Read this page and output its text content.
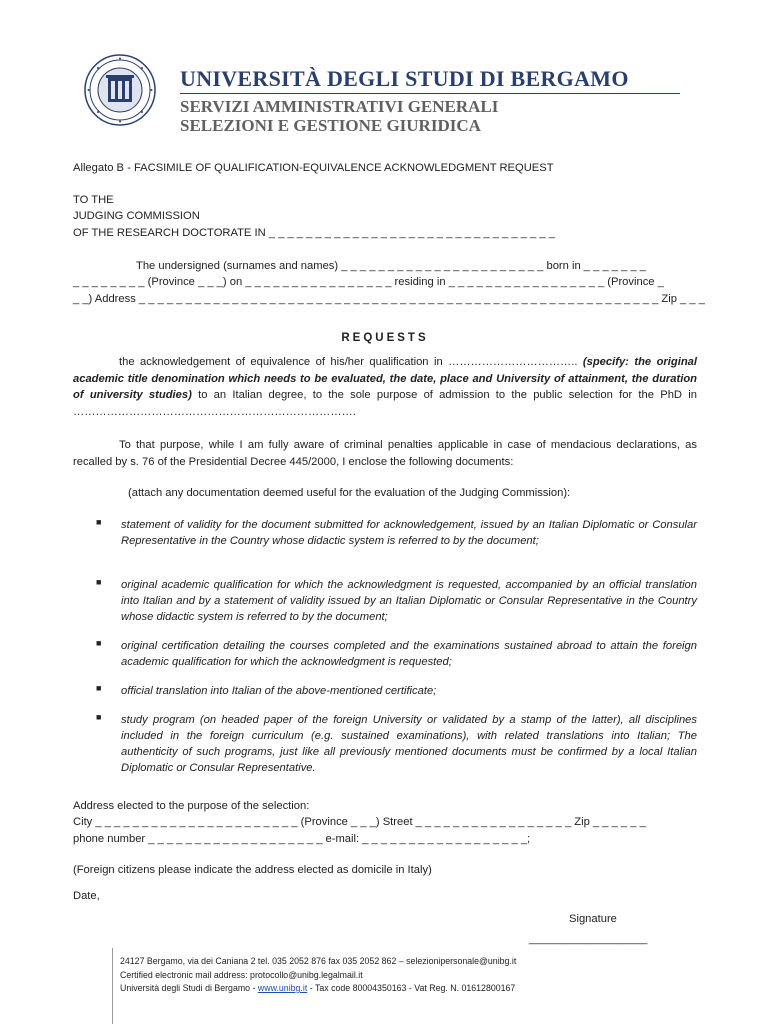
UNIVERSITÀ DEGLI STUDI DI BERGAMO
SERVIZI AMMINISTRATIVI GENERALI
SELEZIONI E GESTIONE GIURIDICA
Allegato B - FACSIMILE OF QUALIFICATION-EQUIVALENCE ACKNOWLEDGMENT REQUEST
TO THE
JUDGING COMMISSION
OF THE RESEARCH DOCTORATE IN _ _ _ _ _ _ _ _ _ _ _ _ _ _ _ _ _ _ _ _ _ _ _ _ _ _ _ _ _ _ _
The undersigned (surnames and names) _ _ _ _ _ _ _ _ _ _ _ _ _ _ _ _ _ _ _ _ _ _ born in _ _ _ _ _ _ _
_ _ _ _ _ _ _ _ (Province _ _ _) on _ _ _ _ _ _ _ _ _ _ _ _ _ _ _ _ residing in _ _ _ _ _ _ _ _ _ _ _ _ _ _ _ _ _ (Province _
_ _) Address _ _ _ _ _ _ _ _ _ _ _ _ _ _ _ _ _ _ _ _ _ _ _ _ _ _ _ _ _ _ _ _ _ _ _ _ _ _ _ _ _ _ _ _ _ _ _ _ _ _ _ _ _ _ _ _ Zip _ _ _
REQUESTS
the acknowledgement of equivalence of his/her qualification in …………………………….. (specify: the original academic title denomination which needs to be evaluated, the date, place and University of attainment, the duration of university studies) to an Italian degree, to the sole purpose of admission to the public selection for the PhD in ………………………………………………………………….
To that purpose, while I am fully aware of criminal penalties applicable in case of mendacious declarations, as recalled by s. 76 of the Presidential Decree 445/2000, I enclose the following documents:
(attach any documentation deemed useful for the evaluation of the Judging Commission):
■ statement of validity for the document submitted for acknowledgement, issued by an Italian Diplomatic or Consular Representative in the Country whose didactic system is referred to by the document;
■ original academic qualification for which the acknowledgment is requested, accompanied by an official translation into Italian and by a statement of validity issued by an Italian Diplomatic or Consular Representative in the Country whose didactic system is referred to by the document;
■ original certification detailing the courses completed and the examinations sustained abroad to attain the foreign academic qualification for which the acknowledgment is requested;
■ official translation into Italian of the above-mentioned certificate;
■ study program (on headed paper of the foreign University or validated by a stamp of the latter), all disciplines included in the foreign curriculum (e.g. sustained examinations), with related translations into Italian; The authenticity of such programs, just like all previously mentioned documents must be confirmed by a local Italian Diplomatic or Consular Representative.
Address elected to the purpose of the selection:
City _ _ _ _ _ _ _ _ _ _ _ _ _ _ _ _ _ _ _ _ _ _ (Province _ _ _) Street _ _ _ _ _ _ _ _ _ _ _ _ _ _ _ _ _ Zip _ _ _ _ _ _
phone number _ _ _ _ _ _ _ _ _ _ _ _ _ _ _ _ _ _ _ e-mail: _ _ _ _ _ _ _ _ _ _ _ _ _ _ _ _ _ _;
(Foreign citizens please indicate the address elected as domicile in Italy)
Date,
Signature
___________________
24127 Bergamo, via dei Caniana 2 tel. 035 2052 876 fax 035 2052 862 – selezionipersonale@unibg.it
Certified electronic mail address: protocollo@unibg.legalmail.it
Università degli Studi di Bergamo - www.unibg.it - Tax code 80004350163 - Vat Reg. N. 01612800167
